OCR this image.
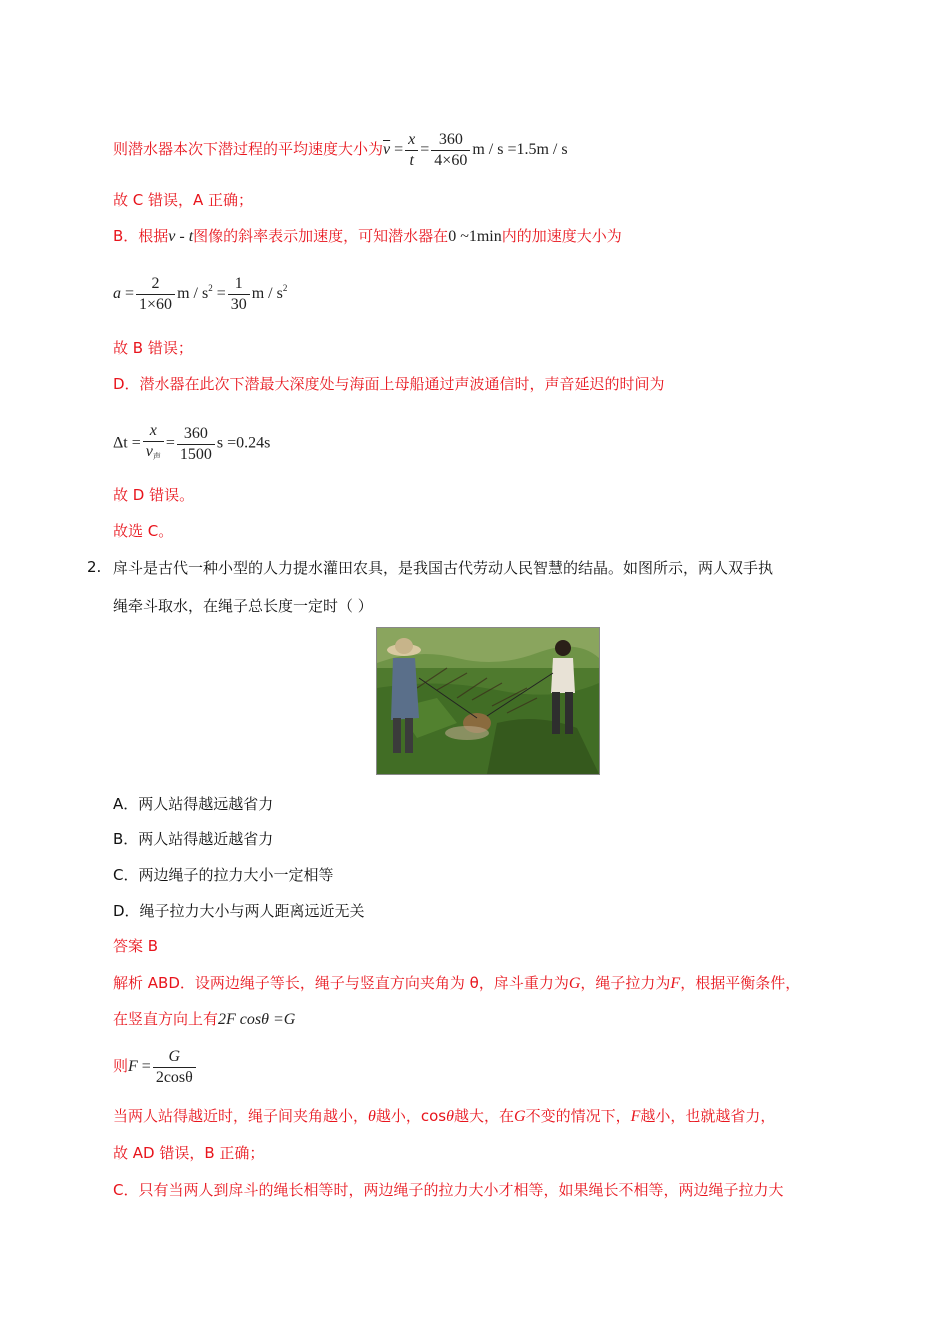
则潜水器本次下潜过程的平均速度大小为$\overline{v} = \frac{x}{t} = \frac{360}{4\times 60}$ m / s =1.5m / s
故 C 错误，A 正确；
B．根据v - t图像的斜率表示加速度，可知潜水器在0 ~1min内的加速度大小为
$a = \frac{2}{1\times 60}$ $m / s^2 = \frac{1}{30}$ m / $s^2$
故 B 错误；
D．潜水器在此次下潜最大深度处与海面上母船通过声波通信时，声音延迟的时间为
$\Delta t = \frac{x}{v_声} = \frac{360}{1500}$ s =0.24s
故 D 错误。
故选 C。
2. 戽斗是古代一种小型的人力提水灌田农具，是我国古代劳动人民智慧的结晶。如图所示，两人双手执
绳牵斗取水，在绳子总长度一定时（ ）
A．两人站得越远越省力
B．两人站得越近越省力
C．两边绳子的拉力大小一定相等
D．绳子拉力大小与两人距离远近无关
答案 B
解析 ABD．设两边绳子等长，绳子与竖直方向夹角为 θ，戽斗重力为G，绳子拉力为F，根据平衡条件，
在竖直方向上有2F cosθ =G
则$F = \frac{G}{2\cos\theta}$
当两人站得越近时，绳子间夹角越小，θ越小，cosθ越大，在G不变的情况下，F越小，也就越省力，
故 AD 错误，B 正确；
C．只有当两人到戽斗的绳长相等时，两边绳子的拉力大小才相等，如果绳长不相等，两边绳子拉力大
